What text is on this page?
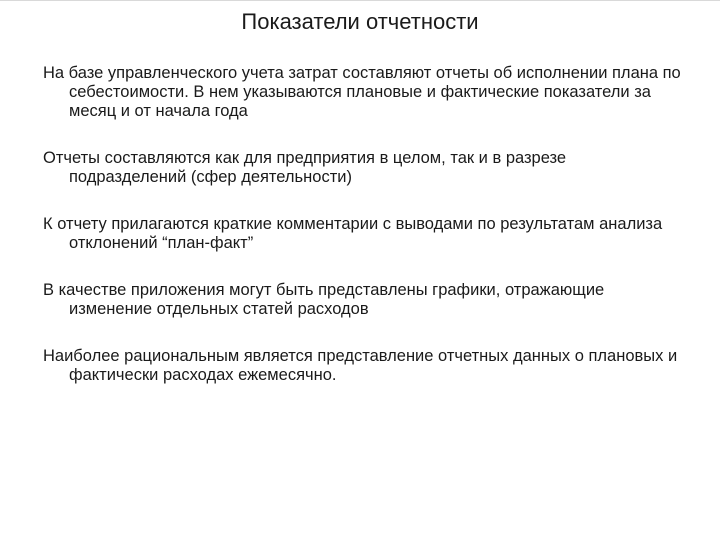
Показатели отчетности

На базе управленческого учета затрат составляют отчеты об исполнении плана по себестоимости. В нем указываются плановые и фактические показатели за месяц и от начала года

Отчеты составляются как для предприятия в целом, так и в разрезе подразделений (сфер деятельности)

К отчету прилагаются краткие комментарии с выводами по результатам анализа отклонений “план-факт”

В качестве приложения могут быть представлены графики, отражающие изменение отдельных статей расходов

Наиболее рациональным является представление отчетных данных о плановых и фактически расходах ежемесячно.
